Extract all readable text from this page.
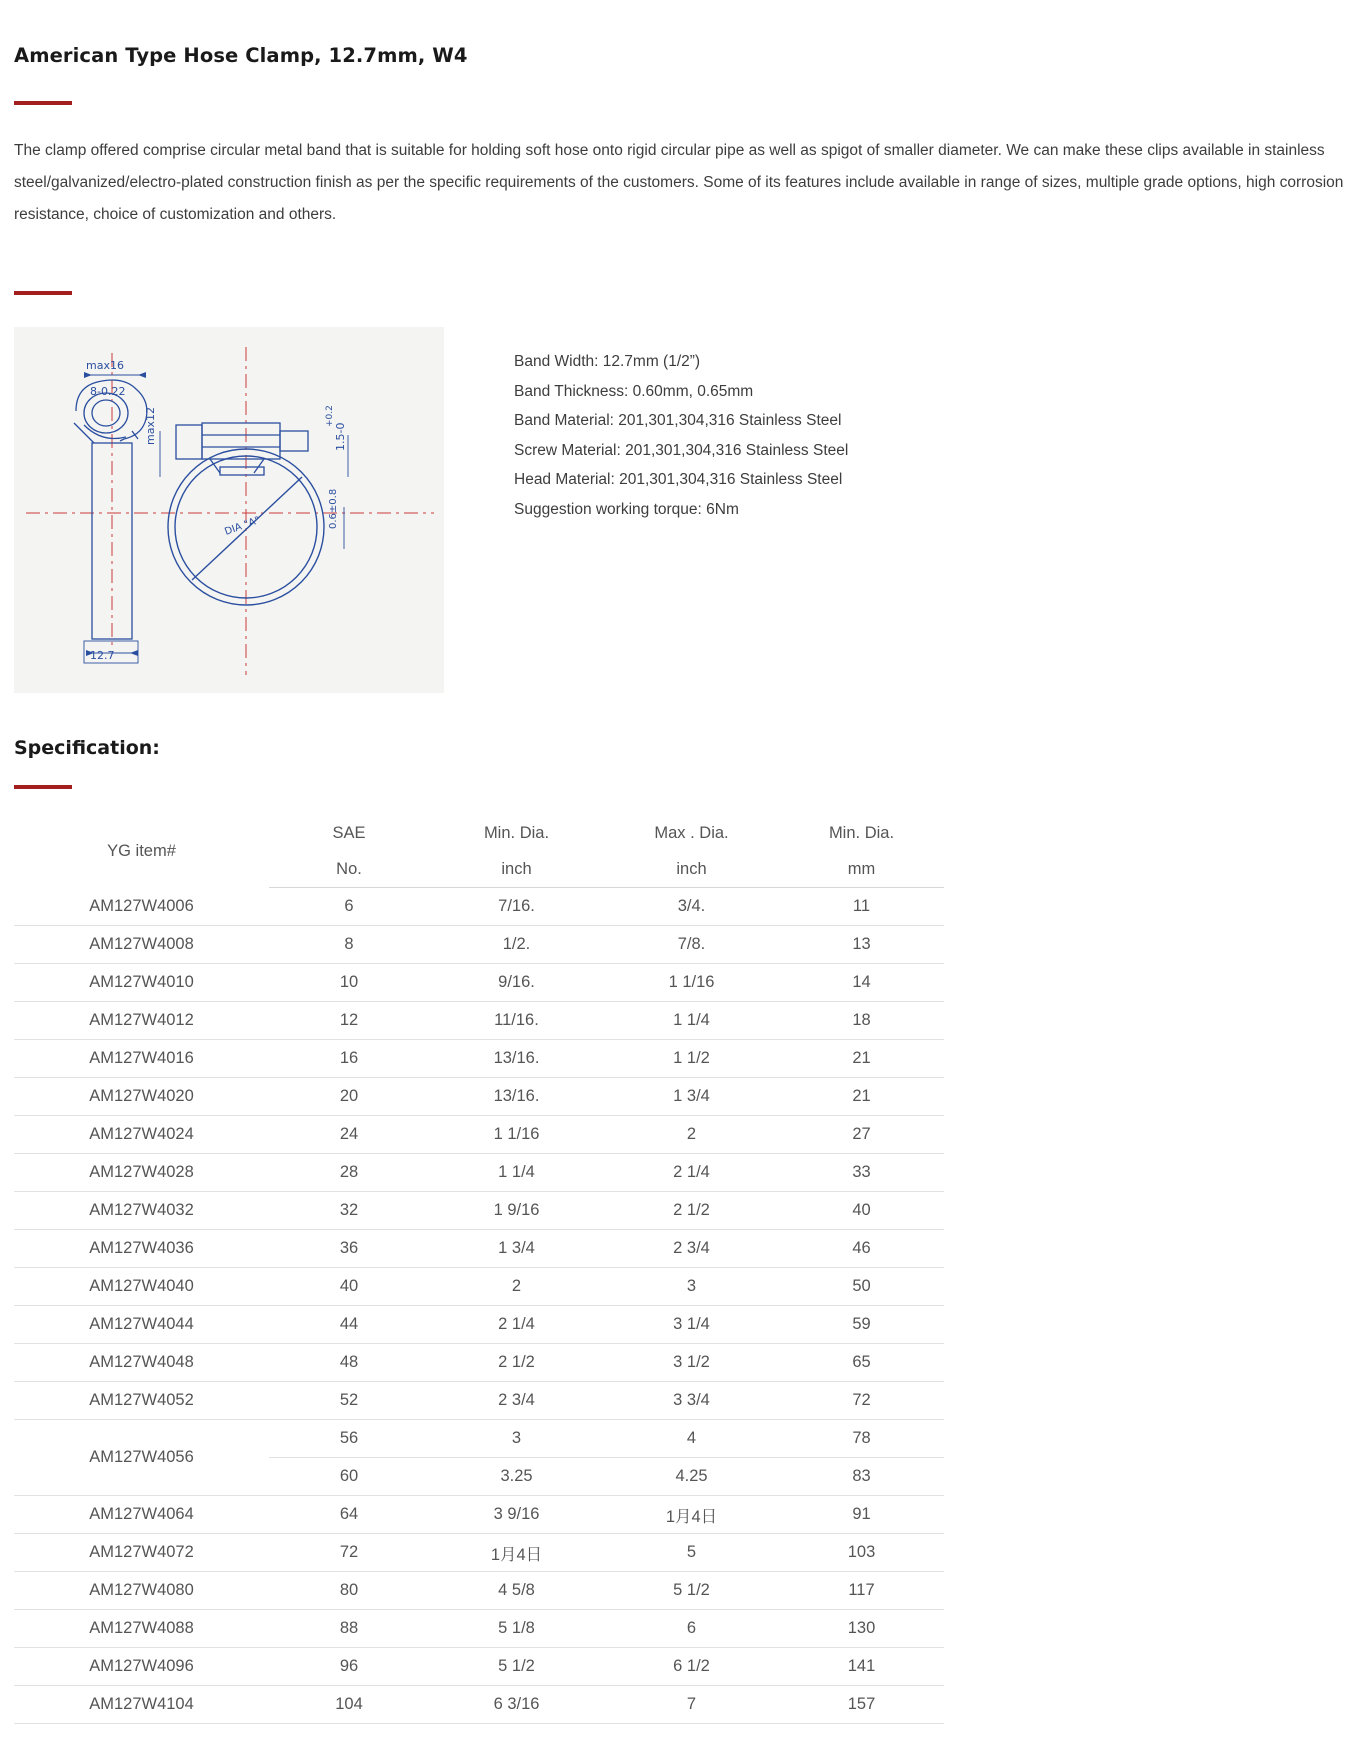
American Type Hose Clamp, 12.7mm, W4

The clamp offered comprise circular metal band that is suitable for holding soft hose onto rigid circular pipe as well as spigot of smaller diameter. We can make these clips available in stainless steel/galvanized/electro-plated construction finish as per the specific requirements of the customers. Some of its features include available in range of sizes, multiple grade options, high corrosion resistance, choice of customization and others.

max16
8-0.22
max12	1.5-0
+0.2
DIA "A"	0.6±0.8
12.7
Band Width: 12.7mm (1/2”)
Band Thickness: 0.60mm, 0.65mm
Band Material: 201,301,304,316 Stainless Steel
Screw Material: 201,301,304,316 Stainless Steel
Head Material: 201,301,304,316 Stainless Steel
Suggestion working torque: 6Nm
Specification:
YG item#	SAE	Min. Dia.	Max . Dia.	Min. Dia.
	No.	inch	inch	mm
AM127W4006	6	7/16.	3/4.	11
AM127W4008	8	1/2.	7/8.	13
AM127W4010	10	9/16.	1 1/16	14
AM127W4012	12	11/16.	1 1/4	18
AM127W4016	16	13/16.	1 1/2	21
AM127W4020	20	13/16.	1 3/4	21
AM127W4024	24	1 1/16	2	27
AM127W4028	28	1 1/4	2 1/4	33
AM127W4032	32	1 9/16	2 1/2	40
AM127W4036	36	1 3/4	2 3/4	46
AM127W4040	40	2	3	50
AM127W4044	44	2 1/4	3 1/4	59
AM127W4048	48	2 1/2	3 1/2	65
AM127W4052	52	2 3/4	3 3/4	72
AM127W4056	56	3	4	78
	60	3.25	4.25	83
AM127W4064	64	3 9/16	1月4日	91
AM127W4072	72	1月4日	5	103
AM127W4080	80	4 5/8	5 1/2	117
AM127W4088	88	5 1/8	6	130
AM127W4096	96	5 1/2	6 1/2	141
AM127W4104	104	6 3/16	7	157
